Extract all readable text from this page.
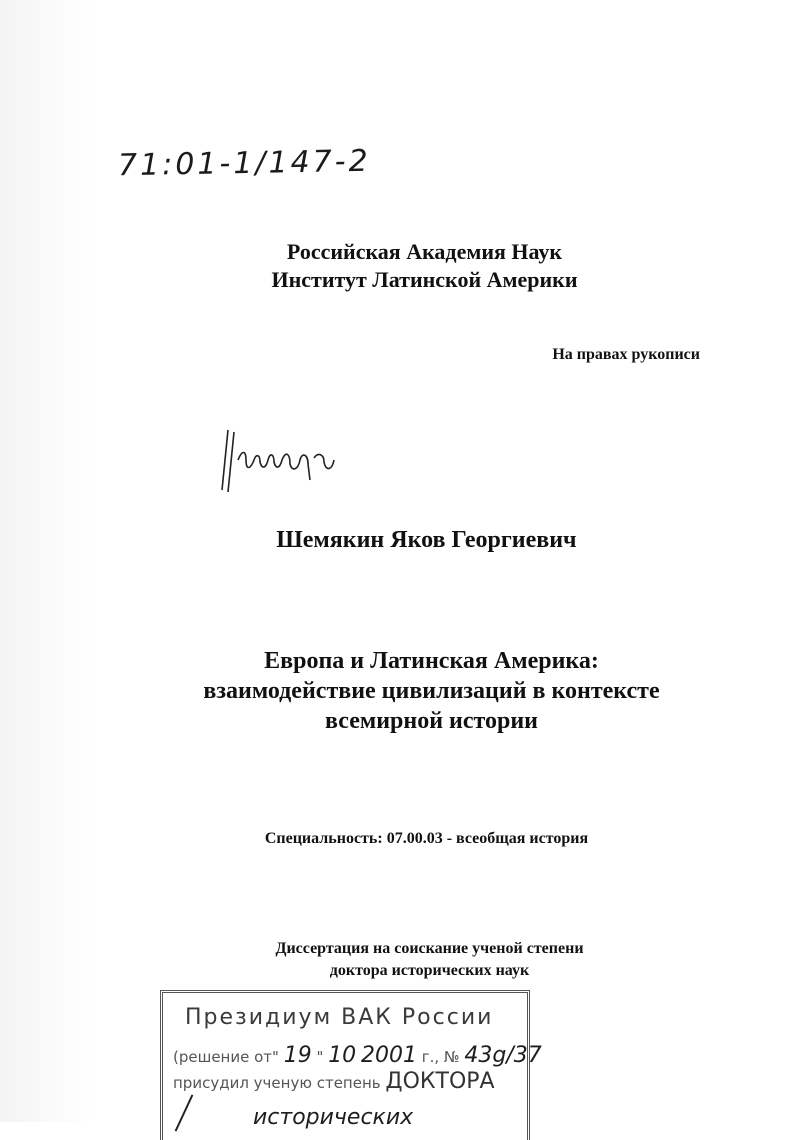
71:01-1/147-2
Российская Академия Наук
Институт Латинской Америки
На правах рукописи
Шемякин Яков Георгиевич
Европа и Латинская Америка:
взаимодействие цивилизаций в контексте
всемирной истории
Специальность: 07.00.03 - всеобщая история
Диссертация на соискание ученой степени
доктора исторических наук
Президиум ВАК России
(решение от" 19 " 10 2001 г., № 43g/37
присудил ученую степень ДОКТОРА
исторических
